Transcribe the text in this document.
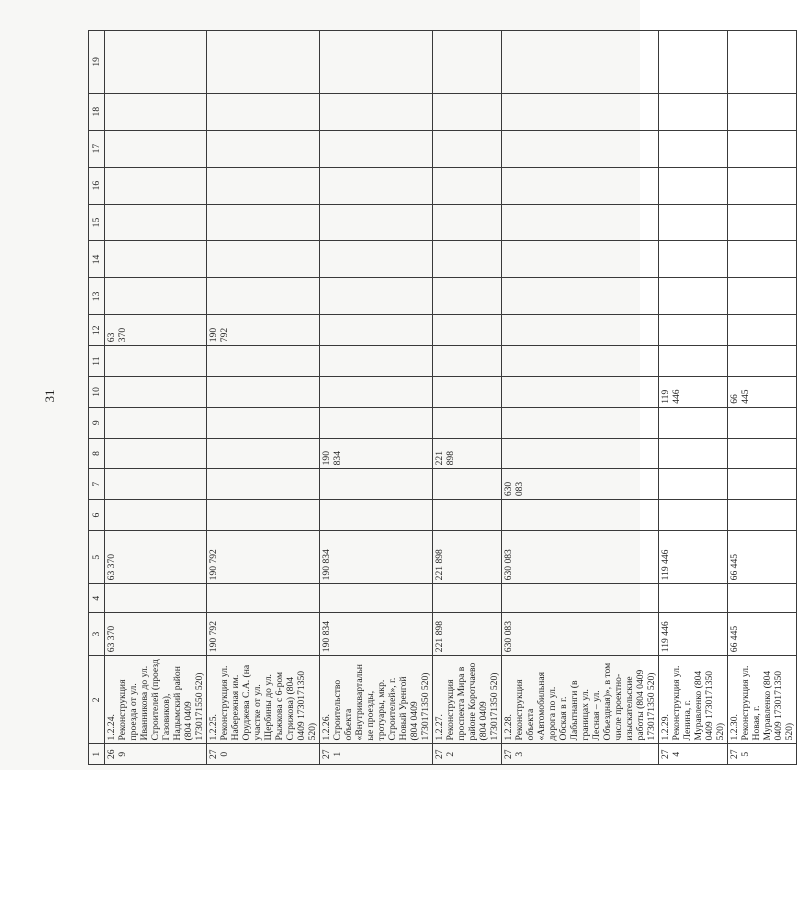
31
1	2	3	4	5	6	7	8	9	10	11	12	13	14	15	16	17	18	19
269	1.2.24. Реконструкция проезда от ул. Иванникова до ул. Строителей (проезд Газовиков), Надымский район (804 0409 1730171550 520)	63 370		63 370							63 370							

270	1.2.25. Реконструкция ул. Набережная им. Оруджева С.А. (на участке от ул. Щербины до ул. Рыжкова с 6-ром Стрижова) (804 0409 1730171350 520)	190 792		190 792							190 792							

271	1.2.26. Строительство объекта «Внутриквартальные проезды, тротуары, мкр. Строителей», г. Новый Уренгой (804 0409 1730171350 520)	190 834		190 834			190 834											

272	1.2.27. Реконструкция проспекта Мира в районе Коротчаево (804 0409 1730171350 520)	221 898		221 898			221 898											

273	1.2.28. Реконструкция объекта «Автомобильная дорога по ул. Обская в г. Лабытнанги (в границах ул. Лесная – ул. Объездная)», в том числе проектно-изыскательские работы (804 0409 1730171350 520)	630 083		630 083		630 083												

274	1.2.29. Реконструкция ул. Ленина, г. Муравленко (804 0409 1730171350 520)	119 446		119 446					119 446									

275	1.2.30. Реконструкция ул. Новая, г. Муравленко (804 0409 1730171350 520)	66 445		66 445					66 445									
